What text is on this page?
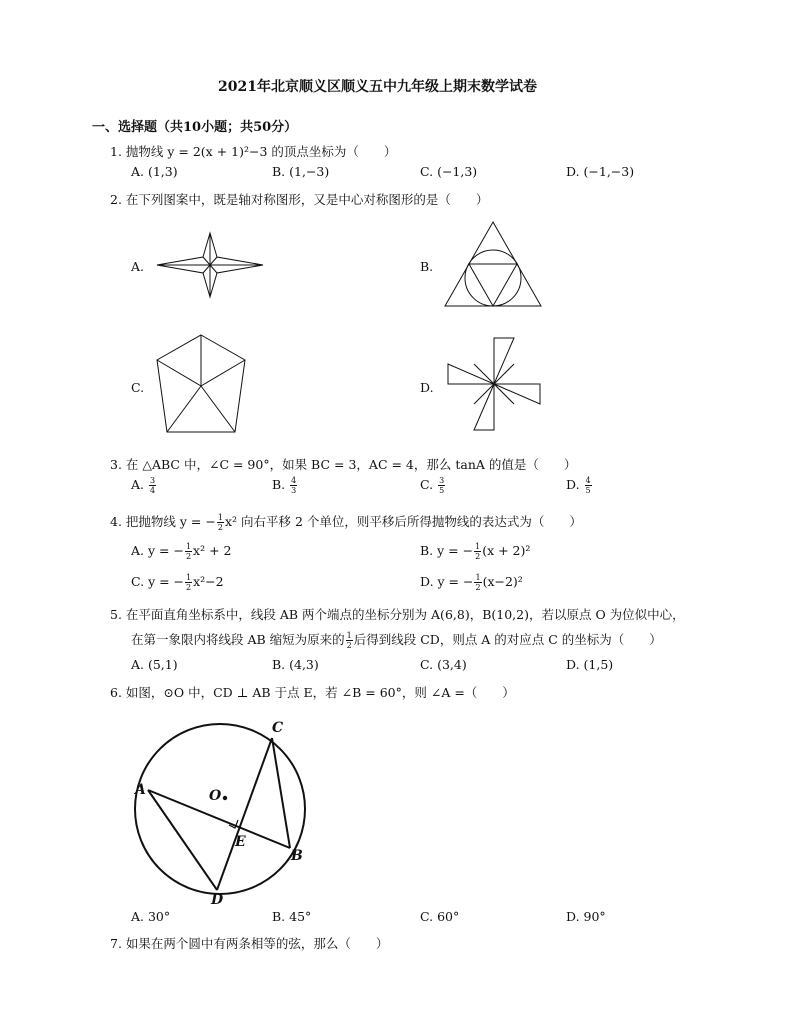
2021年北京顺义区顺义五中九年级上期末数学试卷
一、选择题（共10小题；共50分）
1. 抛物线 y = 2(x + 1)²−3 的顶点坐标为（　　）
A. (1,3)	B. (1,−3)	C. (−1,3)	D. (−1,−3)
2. 在下列图案中，既是轴对称图形，又是中心对称图形的是（　　）
A.	B.
C.	D.
3. 在 △ABC 中，∠C = 90°，如果 BC = 3，AC = 4，那么 tanA 的值是（　　）
A. $\frac{3}{4}$	B. $\frac{4}{3}$	C. $\frac{3}{5}$	D. $\frac{4}{5}$
4. 把抛物线 y = − $\frac{1}{2} x^2$ 向右平移 2 个单位，则平移后所得抛物线的表达式为（　　）
A. y = − $\frac{1}{2} x^2 + 2$	B. y = − $\frac{1}{2} (x + 2)^2$
C. y = − $\frac{1}{2} x^2-2$	D. y = − $\frac{1}{2} (x-2)^2$
5. 在平面直角坐标系中，线段 AB 两个端点的坐标分别为 A(6,8)，B(10,2)，若以原点 O 为位似中心，
在第一象限内将线段 AB 缩短为原来的 $\frac{1}{2}$ 后得到线段 CD，则点 A 的对应点 C 的坐标为（　　）
A. (5,1)	B. (4,3)	C. (3,4)	D. (1,5)
6. 如图，⊙O 中，CD ⊥ AB 于点 E，若 ∠B = 60°，则 ∠A =（　　）
A
B
C
D
E
O
A. 30°	B. 45°	C. 60°	D. 90°
7. 如果在两个圆中有两条相等的弦，那么（　　）
